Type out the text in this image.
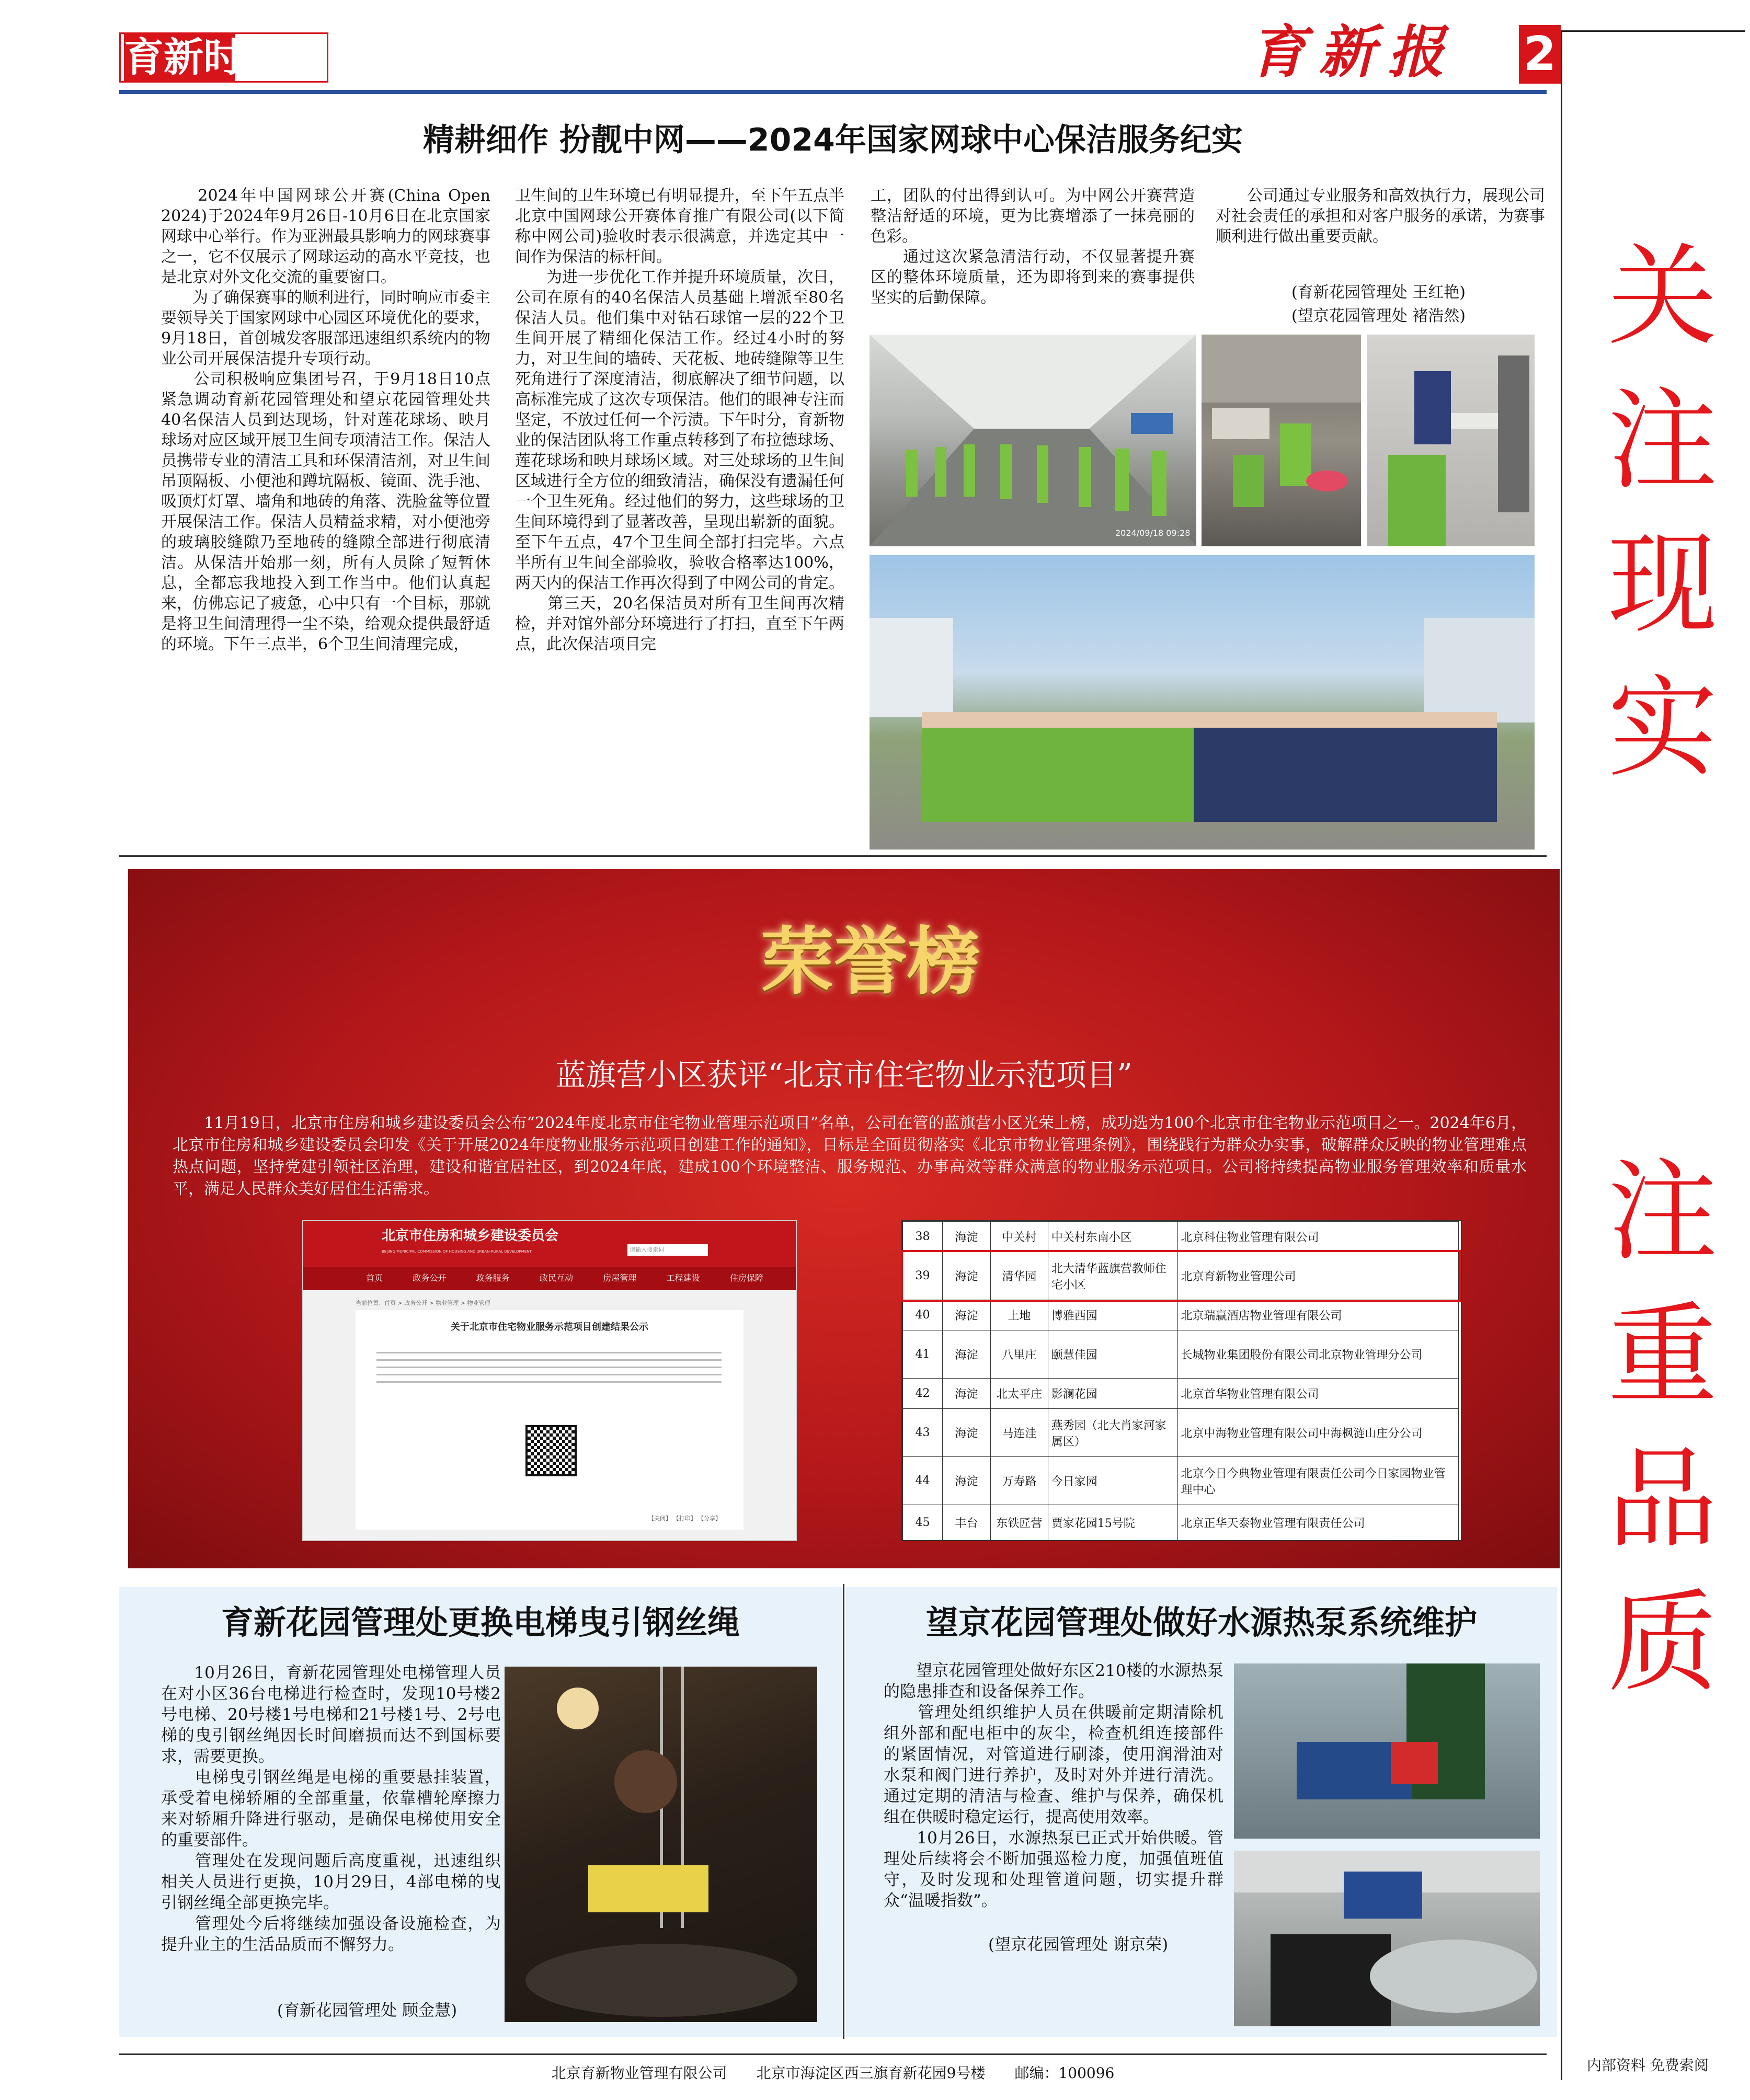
育新时讯	育新报	2
关注现实
注重品质
内部资料 免费索阅
精耕细作 扮靓中网——2024年国家网球中心保洁服务纪实
　　2024年中国网球公开赛(China Open 2024)于2024年9月26日-10月6日在北京国家网球中心举行。作为亚洲最具影响力的网球赛事之一，它不仅展示了网球运动的高水平竞技，也是北京对外文化交流的重要窗口。
　　为了确保赛事的顺利进行，同时响应市委主要领导关于国家网球中心园区环境优化的要求，9月18日，首创城发客服部迅速组织系统内的物业公司开展保洁提升专项行动。
　　公司积极响应集团号召，于9月18日10点紧急调动育新花园管理处和望京花园管理处共40名保洁人员到达现场，针对莲花球场、映月球场对应区域开展卫生间专项清洁工作。保洁人员携带专业的清洁工具和环保清洁剂，对卫生间吊顶隔板、小便池和蹲坑隔板、镜面、洗手池、吸顶灯灯罩、墙角和地砖的角落、洗脸盆等位置开展保洁工作。保洁人员精益求精，对小便池旁的玻璃胶缝隙乃至地砖的缝隙全部进行彻底清洁。从保洁开始那一刻，所有人员除了短暂休息，全都忘我地投入到工作当中。他们认真起来，仿佛忘记了疲惫，心中只有一个目标，那就是将卫生间清理得一尘不染，给观众提供最舒适的环境。下午三点半，6个卫生间清理完成，
卫生间的卫生环境已有明显提升，至下午五点半北京中国网球公开赛体育推广有限公司(以下简称中网公司)验收时表示很满意，并选定其中一间作为保洁的标杆间。
　　为进一步优化工作并提升环境质量，次日，公司在原有的40名保洁人员基础上增派至80名保洁人员。他们集中对钻石球馆一层的22个卫生间开展了精细化保洁工作。经过4小时的努力，对卫生间的墙砖、天花板、地砖缝隙等卫生死角进行了深度清洁，彻底解决了细节问题，以高标准完成了这次专项保洁。他们的眼神专注而坚定，不放过任何一个污渍。下午时分，育新物业的保洁团队将工作重点转移到了布拉德球场、莲花球场和映月球场区域。对三处球场的卫生间区域进行全方位的细致清洁，确保没有遗漏任何一个卫生死角。经过他们的努力，这些球场的卫生间环境得到了显著改善，呈现出崭新的面貌。至下午五点，47个卫生间全部打扫完毕。六点半所有卫生间全部验收，验收合格率达100%，两天内的保洁工作再次得到了中网公司的肯定。
　　第三天，20名保洁员对所有卫生间再次精检，并对馆外部分环境进行了打扫，直至下午两点，此次保洁项目完
工，团队的付出得到认可。为中网公开赛营造整洁舒适的环境，更为比赛增添了一抹亮丽的色彩。
　　通过这次紧急清洁行动，不仅显著提升赛区的整体环境质量，还为即将到来的赛事提供坚实的后勤保障。
　　公司通过专业服务和高效执行力，展现公司对社会责任的承担和对客户服务的承诺，为赛事顺利进行做出重要贡献。
(育新花园管理处 王红艳)
(望京花园管理处 褚浩然)
2024/09/18 09:28
荣誉榜
蓝旗营小区获评“北京市住宅物业示范项目”
　　11月19日，北京市住房和城乡建设委员会公布“2024年度北京市住宅物业管理示范项目”名单，公司在管的蓝旗营小区光荣上榜，成功选为100个北京市住宅物业示范项目之一。2024年6月，北京市住房和城乡建设委员会印发《关于开展2024年度物业服务示范项目创建工作的通知》，目标是全面贯彻落实《北京市物业管理条例》，围绕践行为群众办实事，破解群众反映的物业管理难点热点问题，坚持党建引领社区治理，建设和谐宜居社区，到2024年底，建成100个环境整洁、服务规范、办事高效等群众满意的物业服务示范项目。公司将持续提高物业服务管理效率和质量水平，满足人民群众美好居住生活需求。
北京市住房和城乡建设委员会
BEIJING MUNICIPAL COMMISSION OF HOUSING AND URBAN-RURAL DEVELOPMENT	请输入搜索词
首页	政务公开	政务服务	政民互动	房屋管理	工程建设	住房保障
当前位置：首页 > 政务公开 > 物业管理 > 物业管理
关于北京市住宅物业服务示范项目创建结果公示
【关闭】 【打印】 【分享】
38	海淀	中关村	中关村东南小区	北京科住物业管理有限公司
39	海淀	清华园	北大清华蓝旗营教师住宅小区	北京育新物业管理公司
40	海淀	上地	博雅西园	北京瑞赢酒店物业管理有限公司
41	海淀	八里庄	颐慧佳园	长城物业集团股份有限公司北京物业管理分公司
42	海淀	北太平庄	影澜花园	北京首华物业管理有限公司
43	海淀	马连洼	燕秀园（北大肖家河家属区）	北京中海物业管理有限公司中海枫涟山庄分公司
44	海淀	万寿路	今日家园	北京今日今典物业管理有限责任公司今日家园物业管理中心
45	丰台	东铁匠营	贾家花园15号院	北京正华天泰物业管理有限责任公司
育新花园管理处更换电梯曳引钢丝绳
　　10月26日，育新花园管理处电梯管理人员在对小区36台电梯进行检查时，发现10号楼2号电梯、20号楼1号电梯和21号楼1号、2号电梯的曳引钢丝绳因长时间磨损而达不到国标要求，需要更换。
　　电梯曳引钢丝绳是电梯的重要悬挂装置，承受着电梯轿厢的全部重量，依靠槽轮摩擦力来对轿厢升降进行驱动，是确保电梯使用安全的重要部件。
　　管理处在发现问题后高度重视，迅速组织相关人员进行更换，10月29日，4部电梯的曳引钢丝绳全部更换完毕。
　　管理处今后将继续加强设备设施检查，为提升业主的生活品质而不懈努力。
(育新花园管理处 顾金慧)
望京花园管理处做好水源热泵系统维护
　　望京花园管理处做好东区210楼的水源热泵的隐患排查和设备保养工作。
　　管理处组织维护人员在供暖前定期清除机组外部和配电柜中的灰尘，检查机组连接部件的紧固情况，对管道进行刷漆，使用润滑油对水泵和阀门进行养护，及时对外并进行清洗。通过定期的清洁与检查、维护与保养，确保机组在供暖时稳定运行，提高使用效率。
　　10月26日，水源热泵已正式开始供暖。管理处后续将会不断加强巡检力度，加强值班值守，及时发现和处理管道问题，切实提升群众“温暖指数”。
(望京花园管理处 谢京荣)
北京育新物业管理有限公司 北京市海淀区西三旗育新花园9号楼 邮编：100096
